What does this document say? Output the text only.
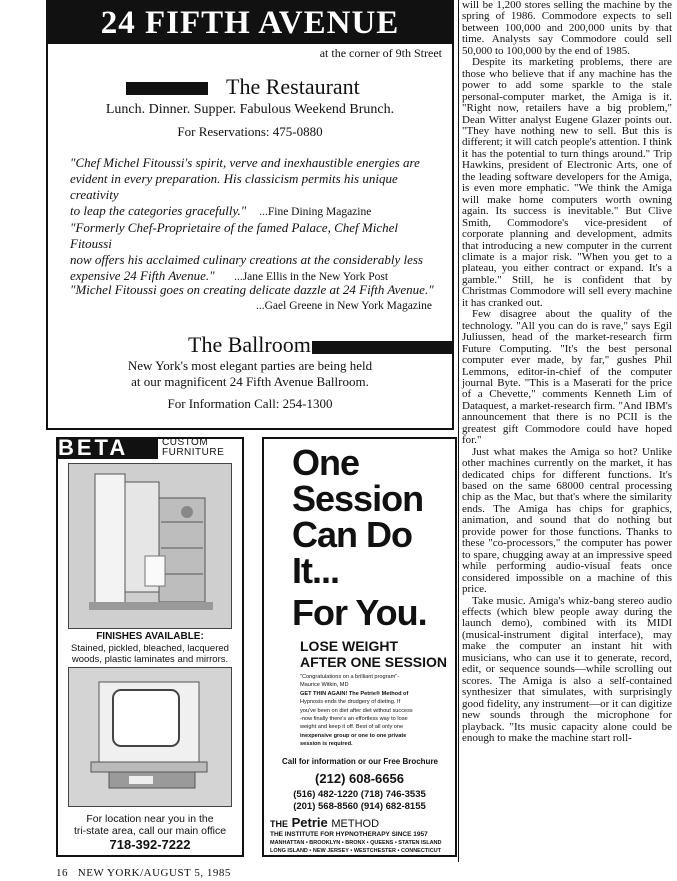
24 FIFTH AVENUE
at the corner of 9th Street
The Restaurant
Lunch. Dinner. Supper. Fabulous Weekend Brunch.
For Reservations: 475-0880
"Chef Michel Fitoussi's spirit, verve and inexhaustible energies are
evident in every preparation. His classicism permits his unique creativity
to leap the categories gracefully." ...Fine Dining Magazine
"Formerly Chef-Proprietaire of the famed Palace, Chef Michel Fitoussi
now offers his acclaimed culinary creations at the considerably less
expensive 24 Fifth Avenue." ...Jane Ellis in the New York Post
"Michel Fitoussi goes on creating delicate dazzle at 24 Fifth Avenue."
...Gael Greene in New York Magazine
The Ballroom
New York's most elegant parties are being held
at our magnificent 24 Fifth Avenue Ballroom.
For Information Call: 254-1300
BETA	CUSTOM
FURNITURE
FINISHES AVAILABLE:
Stained, pickled, bleached, lacquered
woods, plastic laminates and mirrors.
For location near you in the
tri-state area, call our main office
718-392-7222
One
Session
Can Do
It...
For You.
LOSE WEIGHT
AFTER ONE SESSION
"Congratulations on a brilliant program"-
Maurice Witkin, MD
GET THIN AGAIN! The Petrie® Method of
Hypnosis ends the drudgery of dieting. If
you've been on diet after diet without success
-now finally there's an effortless way to lose
weight and keep it off. Best of all only one
inexpensive group or one to one private
session is required.
Call for information or our Free Brochure
(212) 608-6656
(516) 482-1220 (718) 746-3535
(201) 568-8560 (914) 682-8155
THE Petrie METHOD
THE INSTITUTE FOR HYPNOTHERAPY SINCE 1957
MANHATTAN • BROOKLYN • BRONX • QUEENS • STATEN ISLAND
LONG ISLAND • NEW JERSEY • WESTCHESTER • CONNECTICUT

will be 1,200 stores selling the machine by the spring of 1986. Commodore expects to sell between 100,000 and 200,000 units by that time. Analysts say Commodore could sell 50,000 to 100,000 by the end of 1985.

Despite its marketing problems, there are those who believe that if any machine has the power to add some sparkle to the stale personal-computer market, the Amiga is it. "Right now, retailers have a big problem," Dean Witter analyst Eugene Glazer points out. "They have nothing new to sell. But this is different; it will catch people's attention. I think it has the potential to turn things around." Trip Hawkins, president of Electronic Arts, one of the leading software developers for the Amiga, is even more emphatic. "We think the Amiga will make home computers worth owning again. Its success is inevitable." But Clive Smith, Commodore's vice-president of corporate planning and development, admits that introducing a new computer in the current climate is a major risk. "When you get to a plateau, you either contract or expand. It's a gamble." Still, he is confident that by Christmas Commodore will sell every machine it has cranked out.

Few disagree about the quality of the technology. "All you can do is rave," says Egil Juliussen, head of the market-research firm Future Computing. "It's the best personal computer ever made, by far," gushes Phil Lemmons, editor-in-chief of the computer journal Byte. "This is a Maserati for the price of a Chevette," comments Kenneth Lim of Dataquest, a market-research firm. "And IBM's announcement that there is no PCII is the greatest gift Commodore could have hoped for."

Just what makes the Amiga so hot? Unlike other machines currently on the market, it has dedicated chips for different functions. It's based on the same 68000 central processing chip as the Mac, but that's where the similarity ends. The Amiga has chips for graphics, animation, and sound that do nothing but provide power for those functions. Thanks to these "co-processors," the computer has power to spare, chugging away at an impressive speed while performing audio-visual feats once considered impossible on a machine of this price.

Take music. Amiga's whiz-bang stereo audio effects (which blew people away during the launch demo), combined with its MIDI (musical-instrument digital interface), may make the computer an instant hit with musicians, who can use it to generate, record, edit, or sequence sounds—while scrolling out scores. The Amiga is also a self-contained synthesizer that simulates, with surprisingly good fidelity, any instrument—or it can digitize new sounds through the microphone for playback. "Its music capacity alone could be enough to make the machine start roll-

16 NEW YORK/AUGUST 5, 1985
